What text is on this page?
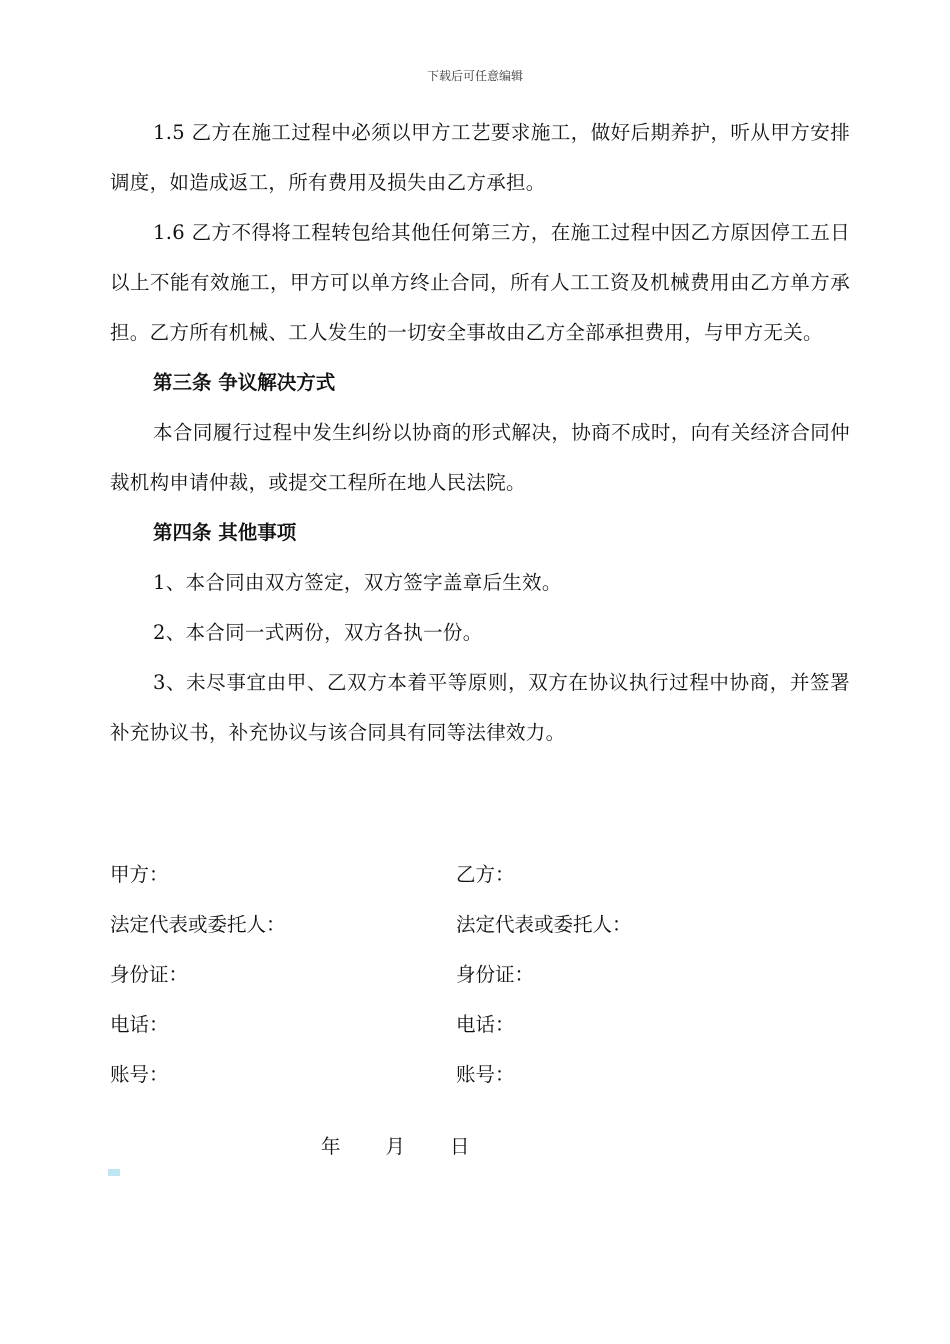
下载后可任意编辑

1.5 乙方在施工过程中必须以甲方工艺要求施工，做好后期养护，听从甲方安排调度，如造成返工，所有费用及损失由乙方承担。

1.6 乙方不得将工程转包给其他任何第三方，在施工过程中因乙方原因停工五日以上不能有效施工，甲方可以单方终止合同，所有人工工资及机械费用由乙方单方承担。乙方所有机械、工人发生的一切安全事故由乙方全部承担费用，与甲方无关。

第三条 争议解决方式

本合同履行过程中发生纠纷以协商的形式解决，协商不成时，向有关经济合同仲裁机构申请仲裁，或提交工程所在地人民法院。

第四条 其他事项

1、本合同由双方签定，双方签字盖章后生效。

2、本合同一式两份，双方各执一份。

3、未尽事宜由甲、乙双方本着平等原则，双方在协议执行过程中协商，并签署补充协议书，补充协议与该合同具有同等法律效力。

甲方：	乙方：
法定代表或委托人：	法定代表或委托人：
身份证：	身份证：
电话：	电话：
账号：	账号：
年 月 日
